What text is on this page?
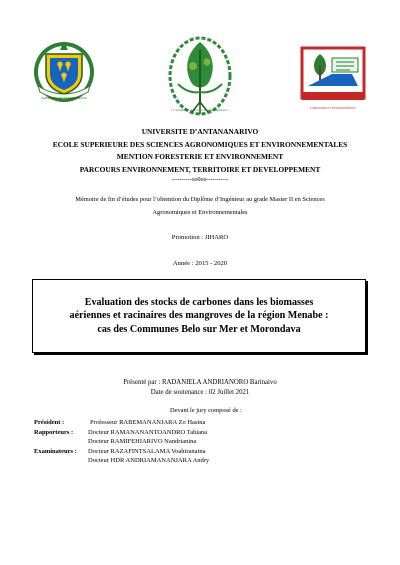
FAHAIZANA NO FANDROSOANA
« L’excellence au service du développement »	FORESTERIE ET ENVIRONNEMENT
UNIVERSITE D’ANTANANARIVO
ECOLE SUPERIEURE DES SCIENCES AGRONOMIQUES ET ENVIRONNEMENTALES
MENTION FORESTERIE ET ENVIRONNEMENT
PARCOURS ENVIRONNEMENT, TERRITOIRE ET DEVELOPPEMENT
----------oo0oo-----------
Mémoire de fin d’études pour l’obtention du Diplôme d’Ingénieur au grade Master II en Sciences
Agronomiques et Environnementales
Promotion : JIHARO
Année : 2015 - 2020
Evaluation des stocks de carbones dans les biomasses
aériennes et racinaires des mangroves de la région Menabe :
cas des Communes Belo sur Mer et Morondava
Présenté par : RADANIELA ANDRIANORO Barinaivo
Date de soutenance : 02 Juillet 2021
Devant le jury composé de :
Président :	Professeur RABEMANANJARA Zo Hasina
Rapporteurs :	Docteur RAMANANANTOANDRO Tahiana
Docteur RAMIFEHIARIVO Nandrianina
Examinateurs :	Docteur RAZAFINTSALAMA Voahiranaina
Docteur HDR ANDRIAMANANJARA Andry
